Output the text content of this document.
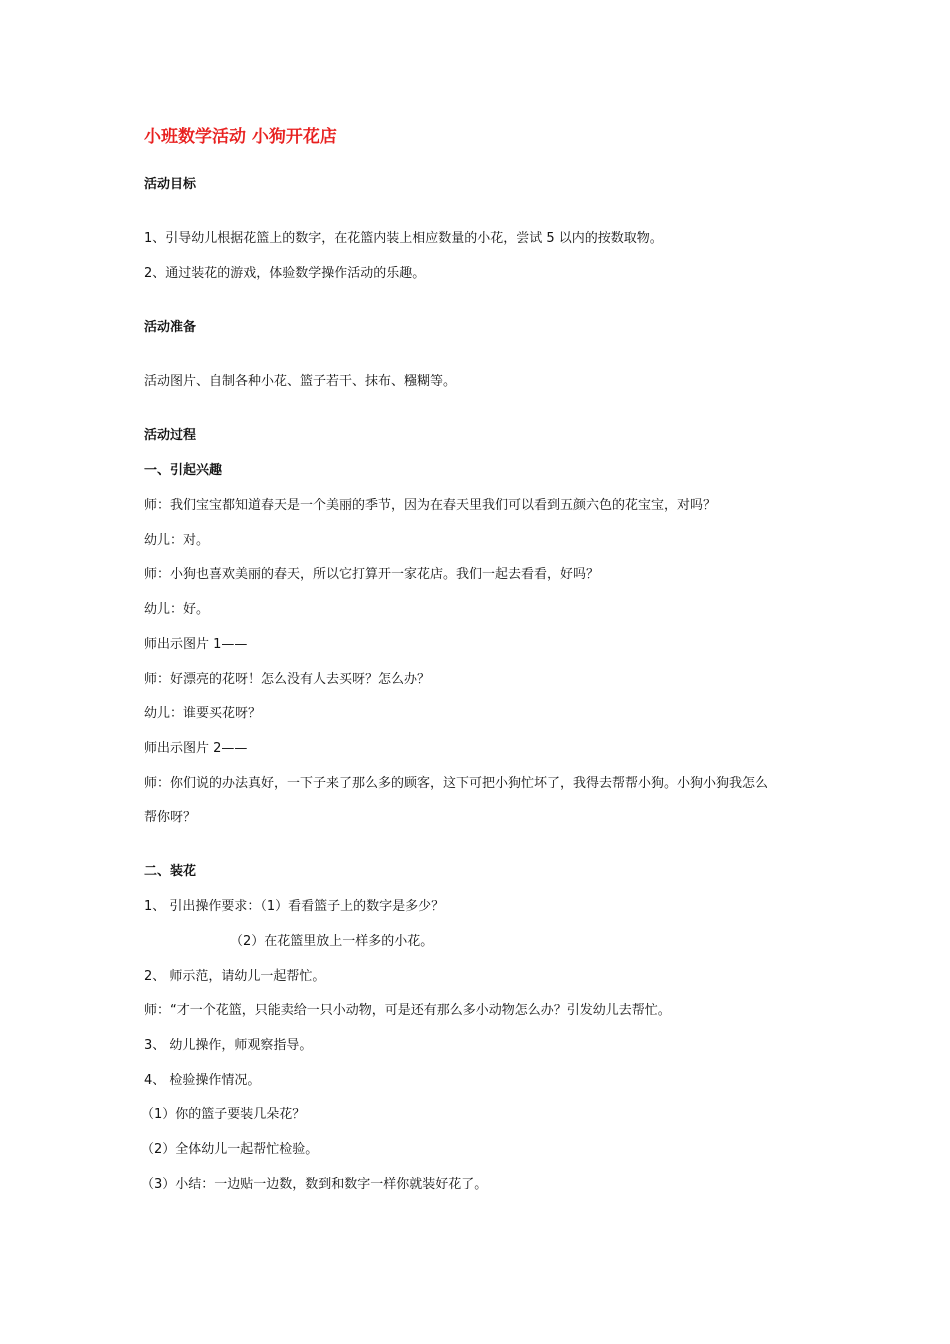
小班数学活动 小狗开花店
活动目标
1、引导幼儿根据花篮上的数字，在花篮内装上相应数量的小花，尝试 5 以内的按数取物。
2、通过装花的游戏，体验数学操作活动的乐趣。
活动准备
活动图片、自制各种小花、篮子若干、抹布、糨糊等。
活动过程
一、引起兴趣
师：我们宝宝都知道春天是一个美丽的季节，因为在春天里我们可以看到五颜六色的花宝宝，对吗？
幼儿：对。
师：小狗也喜欢美丽的春天，所以它打算开一家花店。我们一起去看看，好吗？
幼儿：好。
师出示图片 1——
师：好漂亮的花呀！怎么没有人去买呀？怎么办？
幼儿：谁要买花呀？
师出示图片 2——
师：你们说的办法真好，一下子来了那么多的顾客，这下可把小狗忙坏了，我得去帮帮小狗。小狗小狗我怎么
帮你呀？
二、装花
1、 引出操作要求：（1）看看篮子上的数字是多少？
（2）在花篮里放上一样多的小花。
2、 师示范，请幼儿一起帮忙。
师：“才一个花篮，只能卖给一只小动物，可是还有那么多小动物怎么办？引发幼儿去帮忙。
3、 幼儿操作，师观察指导。
4、 检验操作情况。
（1）你的篮子要装几朵花？
（2）全体幼儿一起帮忙检验。
（3）小结：一边贴一边数，数到和数字一样你就装好花了。
